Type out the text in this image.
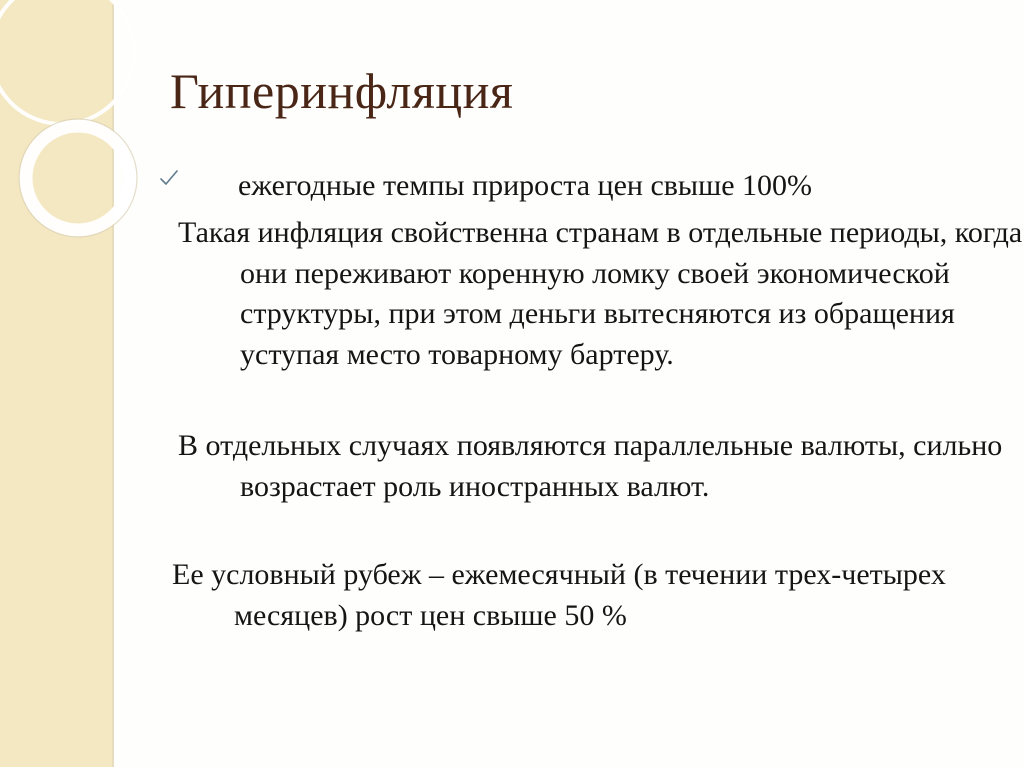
Гиперинфляция
ежегодные темпы прироста цен свыше 100%

Такая инфляция свойственна странам в отдельные периоды, когда они переживают коренную ломку своей экономической структуры, при этом деньги вытесняются из обращения уступая место товарному бартеру.

В отдельных случаях появляются параллельные валюты, сильно возрастает роль иностранных валют.

Ее условный рубеж – ежемесячный (в течении трех-четырех месяцев) рост цен свыше 50 %
